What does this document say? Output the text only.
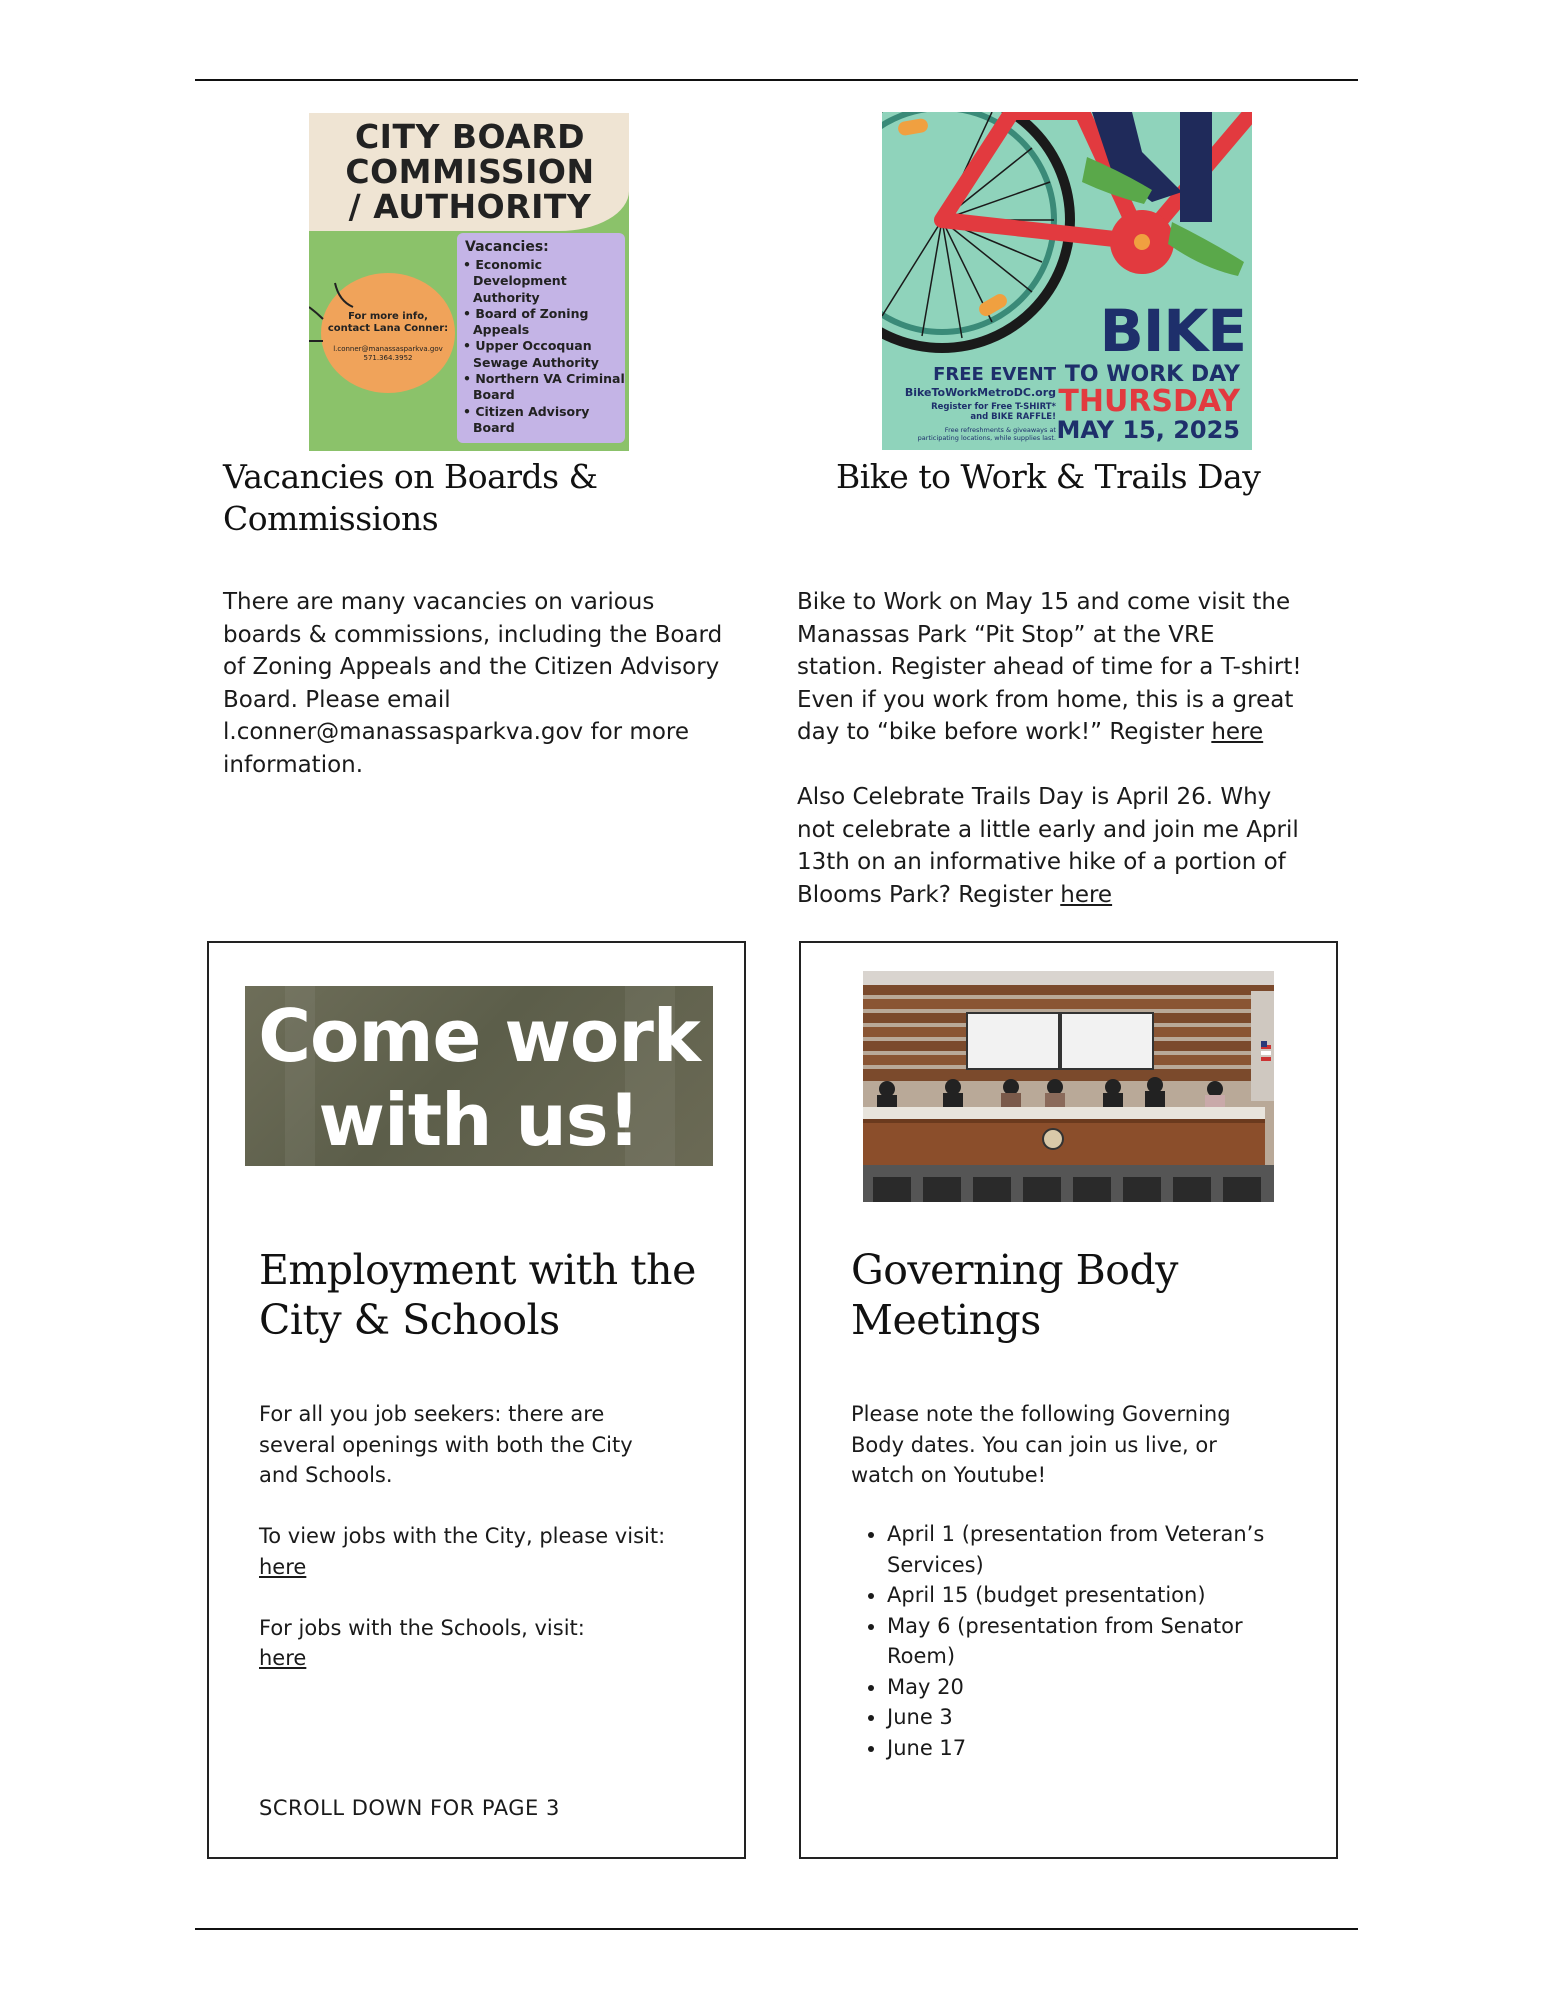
CITY BOARD
COMMISSION
/ AUTHORITY
Vacancies:
• Economic
Development
Authority
• Board of Zoning
Appeals
• Upper Occoquan
Sewage Authority
• Northern VA Criminal
Board
• Citizen Advisory
Board
For more info,
contact Lana Conner:
l.conner@manassasparkva.gov
571.364.3952	BIKE
TO WORK DAY
THURSDAY
MAY 15, 2025
FREE EVENT
BikeToWorkMetroDC.org
Register for Free T-SHIRT*
and BIKE RAFFLE!
Free refreshments & giveaways at
participating locations, while supplies last.
Vacancies on Boards &
Commissions
There are many vacancies on various
boards & commissions, including the Board
of Zoning Appeals and the Citizen Advisory
Board. Please email
l.conner@manassasparkva.gov for more
information.
Bike to Work & Trails Day
Bike to Work on May 15 and come visit the
Manassas Park “Pit Stop” at the VRE
station. Register ahead of time for a T-shirt!
Even if you work from home, this is a great
day to “bike before work!” Register here

Also Celebrate Trails Day is April 26. Why
not celebrate a little early and join me April
13th on an informative hike of a portion of
Blooms Park? Register here
Come work
with us!
Employment with the
City & Schools
For all you job seekers: there are
several openings with both the City
and Schools.

To view jobs with the City, please visit:
here

For jobs with the Schools, visit:
here
SCROLL DOWN FOR PAGE 3
Governing Body
Meetings
Please note the following Governing
Body dates. You can join us live, or
watch on Youtube!
• April 1 (presentation from Veteran’s
Services)
• April 15 (budget presentation)
• May 6 (presentation from Senator
Roem)
• May 20
• June 3
• June 17
